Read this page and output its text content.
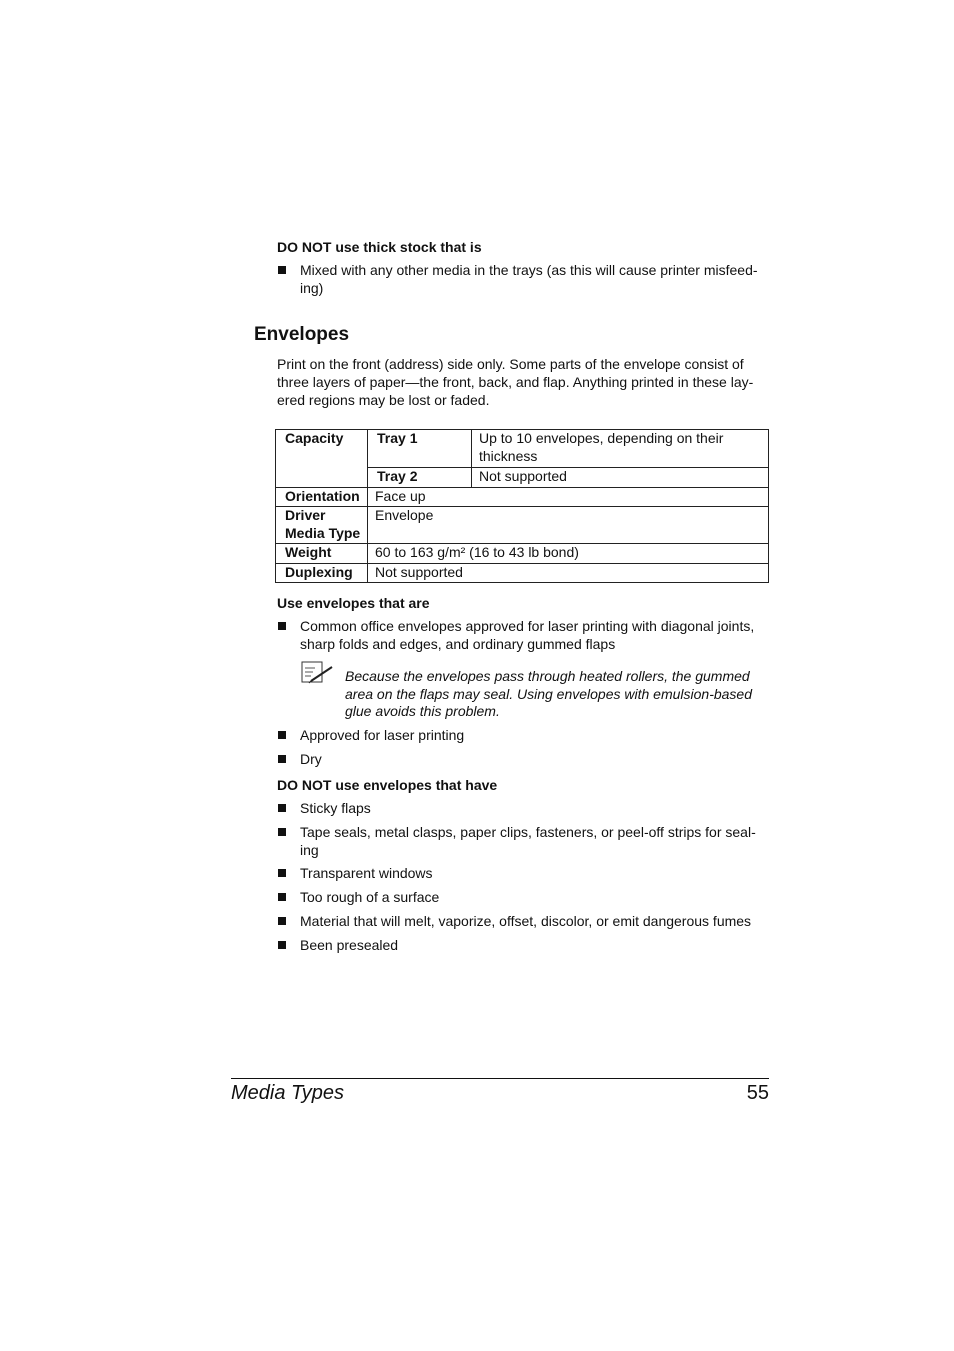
DO NOT use thick stock that is
Mixed with any other media in the trays (as this will cause printer misfeed-
ing)
Envelopes
Print on the front (address) side only. Some parts of the envelope consist of three layers of paper—the front, back, and flap. Anything printed in these lay-ered regions may be lost or faded.
Capacity	Tray 1	Up to 10 envelopes, depending on their thickness
	Tray 2	Not supported
Orientation	Face up	
Driver
Media Type	Envelope	
Weight	60 to 163 g/m² (16 to 43 lb bond)	
Duplexing	Not supported	
Use envelopes that are
Common office envelopes approved for laser printing with diagonal joints, sharp folds and edges, and ordinary gummed flaps
Because the envelopes pass through heated rollers, the gummed area on the flaps may seal. Using envelopes with emulsion-based glue avoids this problem.
Approved for laser printing
Dry
DO NOT use envelopes that have
Sticky flaps
Tape seals, metal clasps, paper clips, fasteners, or peel-off strips for seal-
ing
Transparent windows
Too rough of a surface
Material that will melt, vaporize, offset, discolor, or emit dangerous fumes
Been presealed
Media Types	55
